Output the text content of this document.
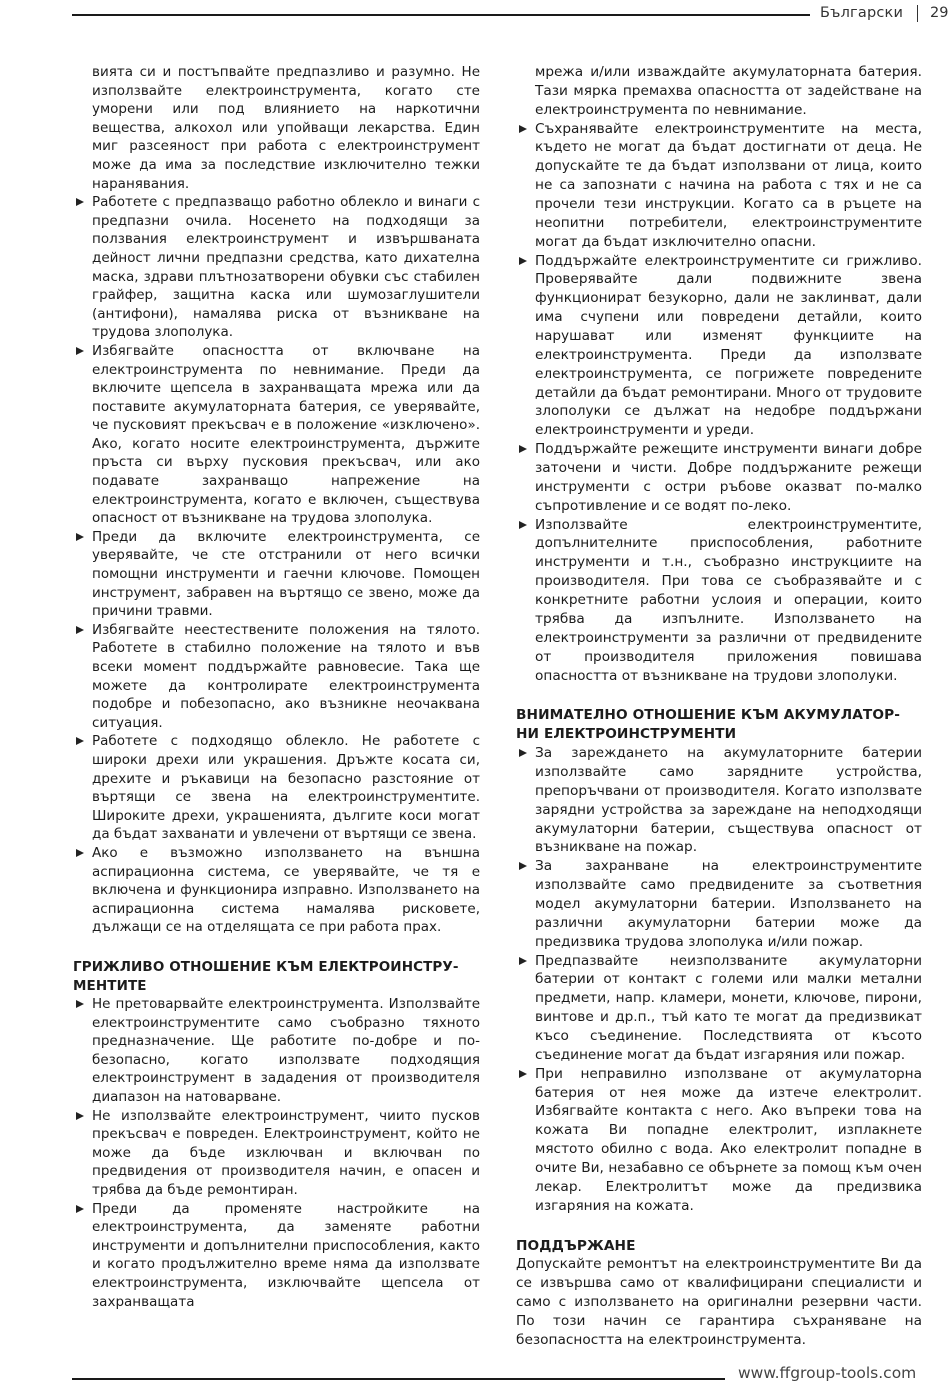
Български 29

вията си и постъпвайте предпазливо и разумно. Не използвайте електроинструмента, когато сте уморени или под влиянието на наркотични вещества, алкохол или упойващи лекарства. Един миг разсеяност при работа с електроинструмент може да има за последствие изключително тежки наранявания.

Работете с предпазващо работно облекло и винаги с предпазни очила. Носенето на подходящи за ползвания електроинструмент и извършваната дейност лични предпазни средства, като дихателна маска, здрави плътнозатворени обувки със стабилен грайфер, защитна каска или шумозаглушители (антифони), намалява риска от възникване на трудова злополука.

Избягвайте опасността от включване на електроинструмента по невнимание. Преди да включите щепсела в захранващата мрежа или да поставите акумулаторната батерия, се уверявайте, че пусковият прекъсвач е в положение «изключено». Ако, когато носите електроинструмента, държите пръста си върху пусковия прекъсвач, или ако подавате захранващо напрежение на електроинструмента, когато е включен, съществува опасност от възникване на трудова злополука.

Преди да включите електроинструмента, се уверявайте, че сте отстранили от него всички помощни инструменти и гаечни ключове. Помощен инструмент, забравен на въртящо се звено, може да причини травми.

Избягвайте неестествените положения на тялото. Работете в стабилно положение на тялото и във всеки момент поддържайте равновесие. Така ще можете да контролирате електроинструмента подобре и побезопасно, ако възникне неочаквана ситуация.

Работете с подходящо облекло. Не работете с широки дрехи или украшения. Дръжте косата си, дрехите и ръкавици на безопасно разстояние от въртящи се звена на електроинструментите. Широките дрехи, украшенията, дългите коси могат да бъдат захванати и увлечени от въртящи се звена.

Ако е възможно използването на външна аспирационна система, се уверявайте, че тя е включена и функционира изправно. Използването на аспирационна система намалява рисковете, дължащи се на отделящата се при работа прах.

ГРИЖЛИВО ОТНОШЕНИЕ КЪМ ЕЛЕКТРОИНСТРУ-МЕНТИТЕ

Не претоварвайте електроинструмента. Използвайте електроинструментите само съобразно тяхното предназначение. Ще работите по-добре и по-безопасно, когато използвате подходящия електроинструмент в зададения от производителя диапазон на натоварване.

Не използвайте електроинструмент, чиито пусков прекъсвач е повреден. Електроинструмент, който не може да бъде изключван и включван по предвидения от производителя начин, е опасен и трябва да бъде ремонтиран.

Преди да променяте настройките на електроинструмента, да заменяте работни инструменти и допълнителни приспособления, както и когато продължително време няма да използвате електроинструмента, изключвайте щепсела от захранващата

мрежа и/или изваждайте акумулаторната батерия. Тази мярка премахва опасността от задействане на електроинструмента по невнимание.

Съхранявайте електроинструментите на места, където не могат да бъдат достигнати от деца. Не допускайте те да бъдат използвани от лица, които не са запознати с начина на работа с тях и не са прочели тези инструкции. Когато са в ръцете на неопитни потребители, електроинструментите могат да бъдат изключително опасни.

Поддържайте електроинструментите си грижливо. Проверявайте дали подвижните звена функционират безукорно, дали не заклинват, дали има счупени или повредени детайли, които нарушават или изменят функциите на електроинструмента. Преди да използвате електроинструмента, се погрижете повредените детайли да бъдат ремонтирани. Много от трудовите злополуки се дължат на недобре поддържани електроинструменти и уреди.

Поддържайте режещите инструменти винаги добре заточени и чисти. Добре поддържаните режещи инструменти с остри ръбове оказват по-малко съпротивление и се водят по-леко.

Използвайте електроинструментите, допълнителните приспособления, работните инструменти и т.н., съобразно инструкциите на производителя. При това се съобразявайте и с конкретните работни услоия и операции, които трябва да изпълните. Използването на електроинструменти за различни от предвидените от производителя приложения повишава опасността от възникване на трудови злополуки.

ВНИМАТЕЛНО ОТНОШЕНИЕ КЪМ АКУМУЛАТОР-НИ ЕЛЕКТРОИНСТРУМЕНТИ

За зареждането на акумулаторните батерии използвайте само зарядните устройства, препоръчвани от производителя. Когато използвате зарядни устройства за зареждане на неподходящи акумулаторни батерии, съществува опасност от възникване на пожар.

За захранване на електроинструментите използвайте само предвидените за съответния модел акумулаторни батерии. Използването на различни акумулаторни батерии може да предизвика трудова злополука и/или пожар.

Предпазвайте неизползваните акумулаторни батерии от контакт с големи или малки метални предмети, напр. кламери, монети, ключове, пирони, винтове и др.п., тъй като те могат да предизвикат късо съединение. Последствията от късото съединение могат да бъдат изгаряния или пожар.

При неправилно използване от акумулаторна батерия от нея може да изтече електролит. Избягвайте контакта с него. Ако въпреки това на кожата Ви попадне електролит, изплакнете мястото обилно с вода. Ако електролит попадне в очите Ви, незабавно се обърнете за помощ към очен лекар. Електролитът може да предизвика изгаряния на кожата.

ПОДДЪРЖАНЕ

Допускайте ремонтът на електроинструментите Ви да се извършва само от квалифицирани специалисти и само с използването на оригинални резервни части. По този начин се гарантира съхраняване на безопасността на електроинструмента.

www.ffgroup-tools.com
